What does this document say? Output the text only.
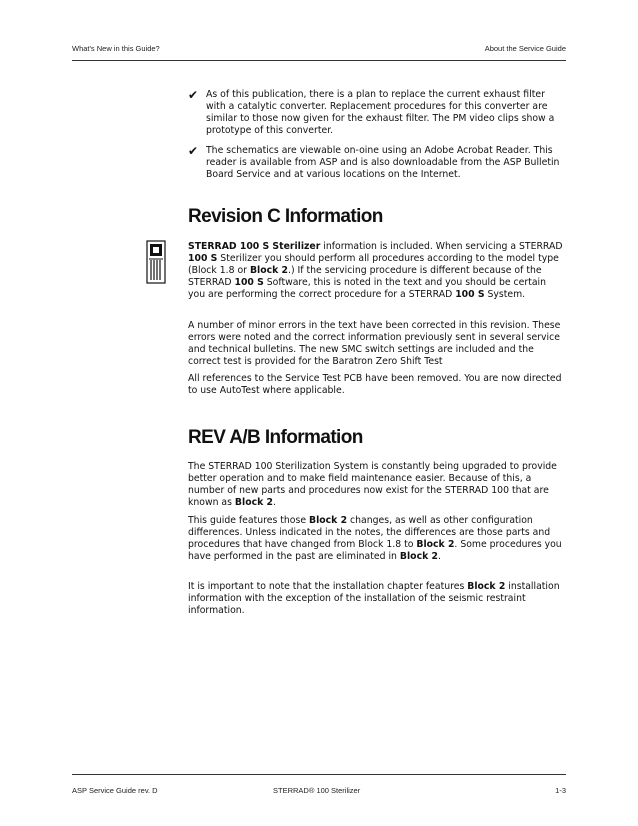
What's New in this Guide?	About the Service Guide
✔ As of this publication, there is a plan to replace the current exhaust filter with a catalytic converter. Replacement procedures for this converter are similar to those now given for the exhaust filter. The PM video clips show a prototype of this converter.
✔ The schematics are viewable on-oine using an Adobe Acrobat Reader. This reader is available from ASP and is also downloadable from the ASP Bulletin Board Service and at various locations on the Internet.
Revision C Information

STERRAD 100 S Sterilizer information is included. When servicing a STERRAD 100 S Sterilizer you should perform all procedures according to the model type (Block 1.8 or Block 2.) If the servicing procedure is different because of the STERRAD 100 S Software, this is noted in the text and you should be certain you are performing the correct procedure for a STERRAD 100 S System.

A number of minor errors in the text have been corrected in this revision. These errors were noted and the correct information previously sent in several service and technical bulletins. The new SMC switch settings are included and the correct test is provided for the Baratron Zero Shift Test
All references to the Service Test PCB have been removed. You are now directed to use AutoTest where applicable.
REV A/B Information

The STERRAD 100 Sterilization System is constantly being upgraded to provide better operation and to make field maintenance easier. Because of this, a number of new parts and procedures now exist for the STERRAD 100 that are known as Block 2.

This guide features those Block 2 changes, as well as other configuration differences. Unless indicated in the notes, the differences are those parts and procedures that have changed from Block 1.8 to Block 2. Some procedures you have performed in the past are eliminated in Block 2.

It is important to note that the installation chapter features Block 2 installation information with the exception of the installation of the seismic restraint information.

ASP Service Guide rev. D	STERRAD® 100 Sterilizer	1-3
